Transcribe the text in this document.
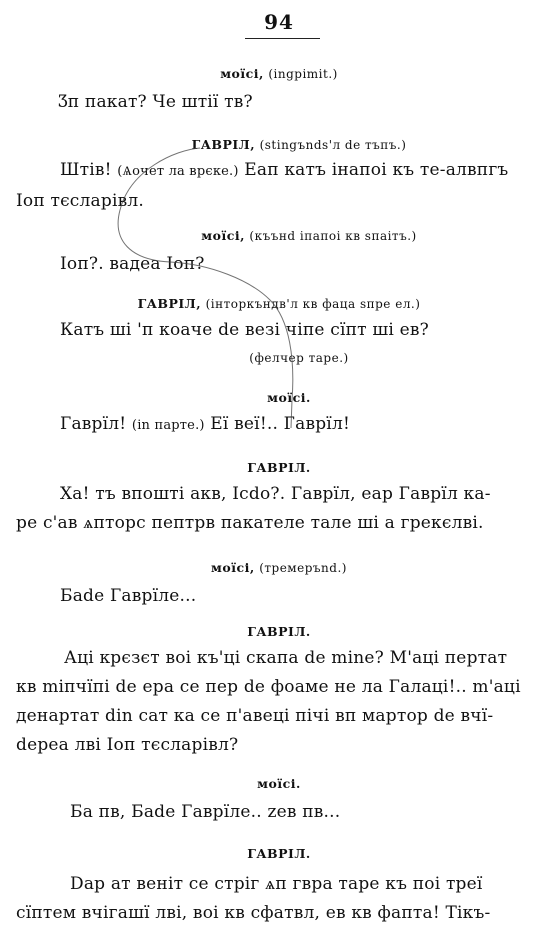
94
моїсі, (ingpimit.)
Ӡп пакат? Че штії тв?
ГАВРІЛ, (stingъnds'л de тъпъ.)
Штів! (Ѧочет ла врєке.) Еап катъ інапоі къ те-алвпгъ
Іоп тєсларівл.
моїсі, (къънd іпапоі кв sпаітъ.)
Іоп?. вадеа Іоп?
ГАВРІЛ, (інторкъндв'л кв фаца sпре ел.)
Катъ ші 'п коаче de везі чіпе сїпт ші ев?
(фелчер таре.)
моїсі.
Гаврїл! (in парте.) Еї веї!.. Гаврїл!
ГАВРІЛ.
Ха! тъ впошті акв, Ісdо?. Гаврїл, еар Гаврїл ка-
ре с'ав ѧпторс пептрв пакателе тале ші а грекєлві.
моїсі, (тремеръnd.)
Баdе Гаврїле...
ГАВРІЛ.
Аці крєзєт воі къ'ці скапа de mine? М'аці пертат
кв mіпчїпі de ера се пер de фоаме не ла Галаці!.. m'аці
денартат din сат ка се п'авеці пічі вп мартор de вчї-
dереа лві Іоп тєсларівл?
моїсі.
Ба пв, Баdе Гаврїле.. zев пв...
ГАВРІЛ.
Dар ат веніт се стріг ѧп гвра таре къ поі треї
сїптем вчігашї лві, воі кв сфатвл, ев кв фапта! Тікъ-
